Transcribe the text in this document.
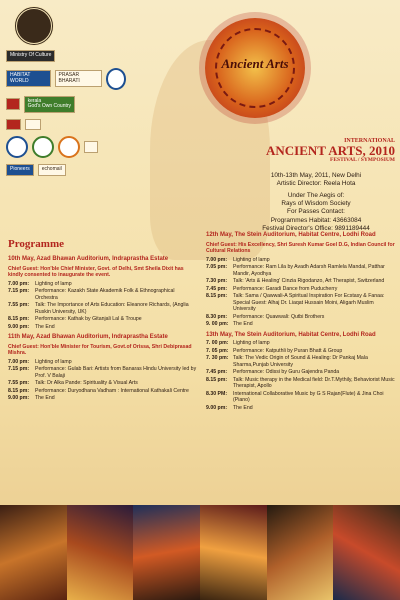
Ministry Of Culture
HABITAT WORLD
PRASAR BHARATI

kerala
God's Own Country

Pioneers	echomail
Ancient Arts
INTERNATIONAL
ANCIENT ARTS, 2010
FESTIVAL / SYMPOSIUM

10th-13th May, 2011, New Delhi

Artistic Director: Reela Hota

Under The Aegis of:

Rays of Wisdom Society

For Passes Contact:

Programmes Habitat: 43663084

Festival Director's Office: 9891189444

Programme
10th May, Azad Bhawan Auditorium, Indraprastha Estate
Chief Guest: Hon'ble Chief Minister, Govt. of Delhi, Smt Sheila Dixit has kindly consented to inaugurate the event.
7.00 pm:	Lighting of lamp
7.15 pm:	Performance: Kazakh State Akademik Folk & Ethnographical Orchestra
7.55 pm:	Talk: The Importance of Arts Education: Eleanore Richards, (Anglia Ruskin University, UK)
8.15 pm:	Performance: Kathak by Gitanjali Lal & Troupe
9.00 pm:	The End
11th May, Azad Bhawan Auditorium, Indraprastha Estate
Chief Guest: Hon'ble Minister for Tourism, Govt.of Orissa, Shri Debiprasad Mishra.
7.00 pm:	Lighting of lamp
7.15 pm:	Performance: Gulab Bari: Artists from Banaras Hindu University led by Prof. V Balaji
7.55 pm:	Talk: Dr Alka Pande: Spirituality & Visual Arts
8.15 pm:	Performance: Duryodhana Vadham : International Kathakali Centre
9.00 pm:	The End
12th May, The Stein Auditorium, Habitat Centre, Lodhi Road
Chief Guest: His Excellency, Shri Suresh Kumar Goel D.G, Indian Council for Cultural Relations
7.00 pm:	Lighting of lamp
7.05 pm:	Performance: Ram Lila by Avadh Adarsh Ramlela Mandal, Patthar Mandir, Ayodhya
7.30 pm:	Talk: 'Arts & Healing' Cinzia Rigodanzo, Art Therapist, Switzerland
7.45 pm:	Performance: Garadi Dance from Puducherry
8.15 pm:	Talk: Sama / Qawwali-A Spiritual Inspiration For Ecstasy & Fanaa: Special Guest: Alhaj Dr. Liaqat Hussain Moini, Aligarh Muslim University
8.30 pm:	Performance: Quawwali: Qutbi Brothers
9. 00 pm: The End
13th May, The Stein Auditorium, Habitat Centre, Lodhi Road
7. 00 pm: Lighting of lamp
7. 05 pm: Performance: Katputhli by Puran Bhatt & Group
7. 30 pm: Talk: The Vedic Origin of Sound & Healing: Dr Pankaj Mala Sharma,Punjab University
7.45 pm:	Performance: Odissi by Guru Gajendra Panda
8.15 pm:	Talk: Music therapy in the Medical field: Dr.T.Mythily, Behaviorist Music Therapist, Apollo
8.30 PM:	International Collaborative Music by G S Rajan(Flute) & Jina Choi (Piano)
9.00 pm:	The End
